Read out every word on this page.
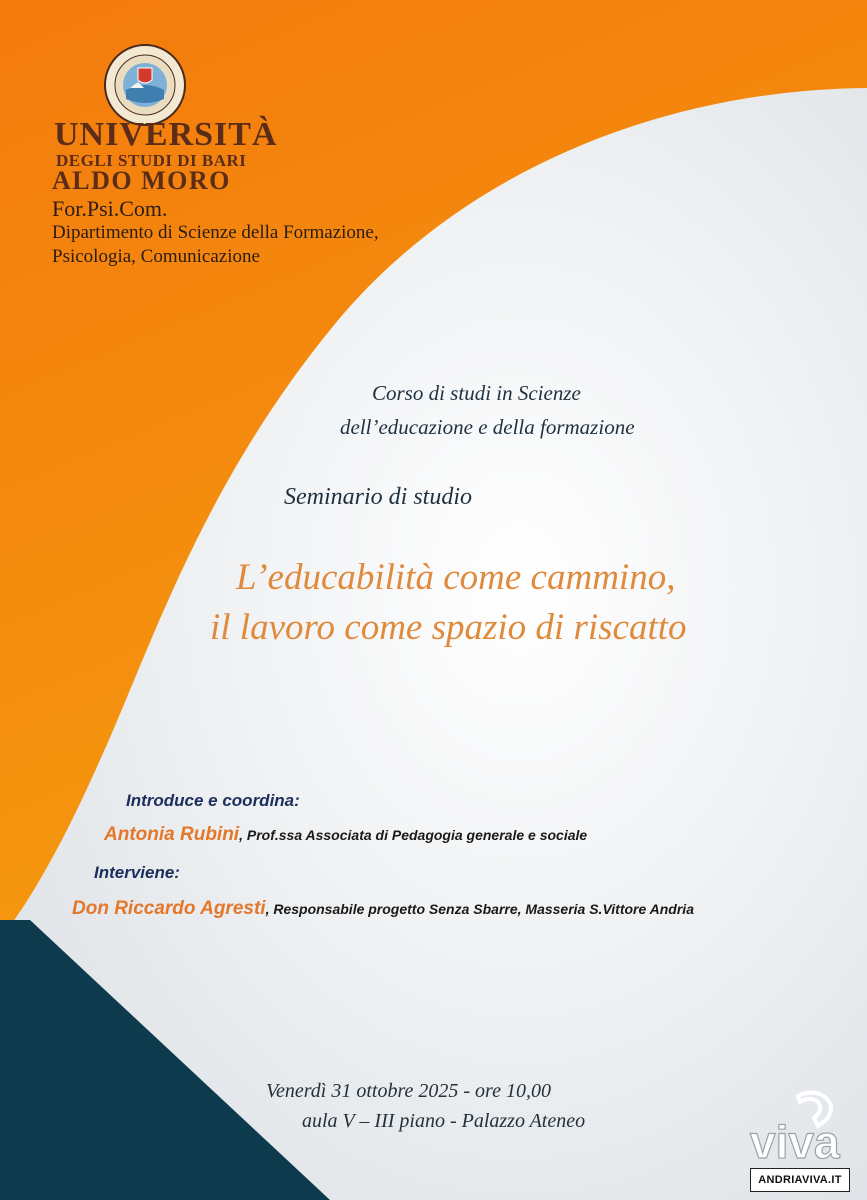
UNIVERSITÀ
DEGLI STUDI DI BARI
ALDO MORO
For.Psi.Com.
Dipartimento di Scienze della Formazione,
Psicologia, Comunicazione
Corso di studi in Scienze
dell’educazione e della formazione
Seminario di studio
L’educabilità come cammino,
il lavoro come spazio di riscatto
Introduce e coordina:
Antonia Rubini, Prof.ssa Associata di Pedagogia generale e sociale
Interviene:
Don Riccardo Agresti, Responsabile progetto Senza Sbarre, Masseria S.Vittore Andria
Venerdì 31 ottobre 2025 - ore 10,00
aula V – III piano - Palazzo Ateneo	viva
ANDRIAVIVA.IT
